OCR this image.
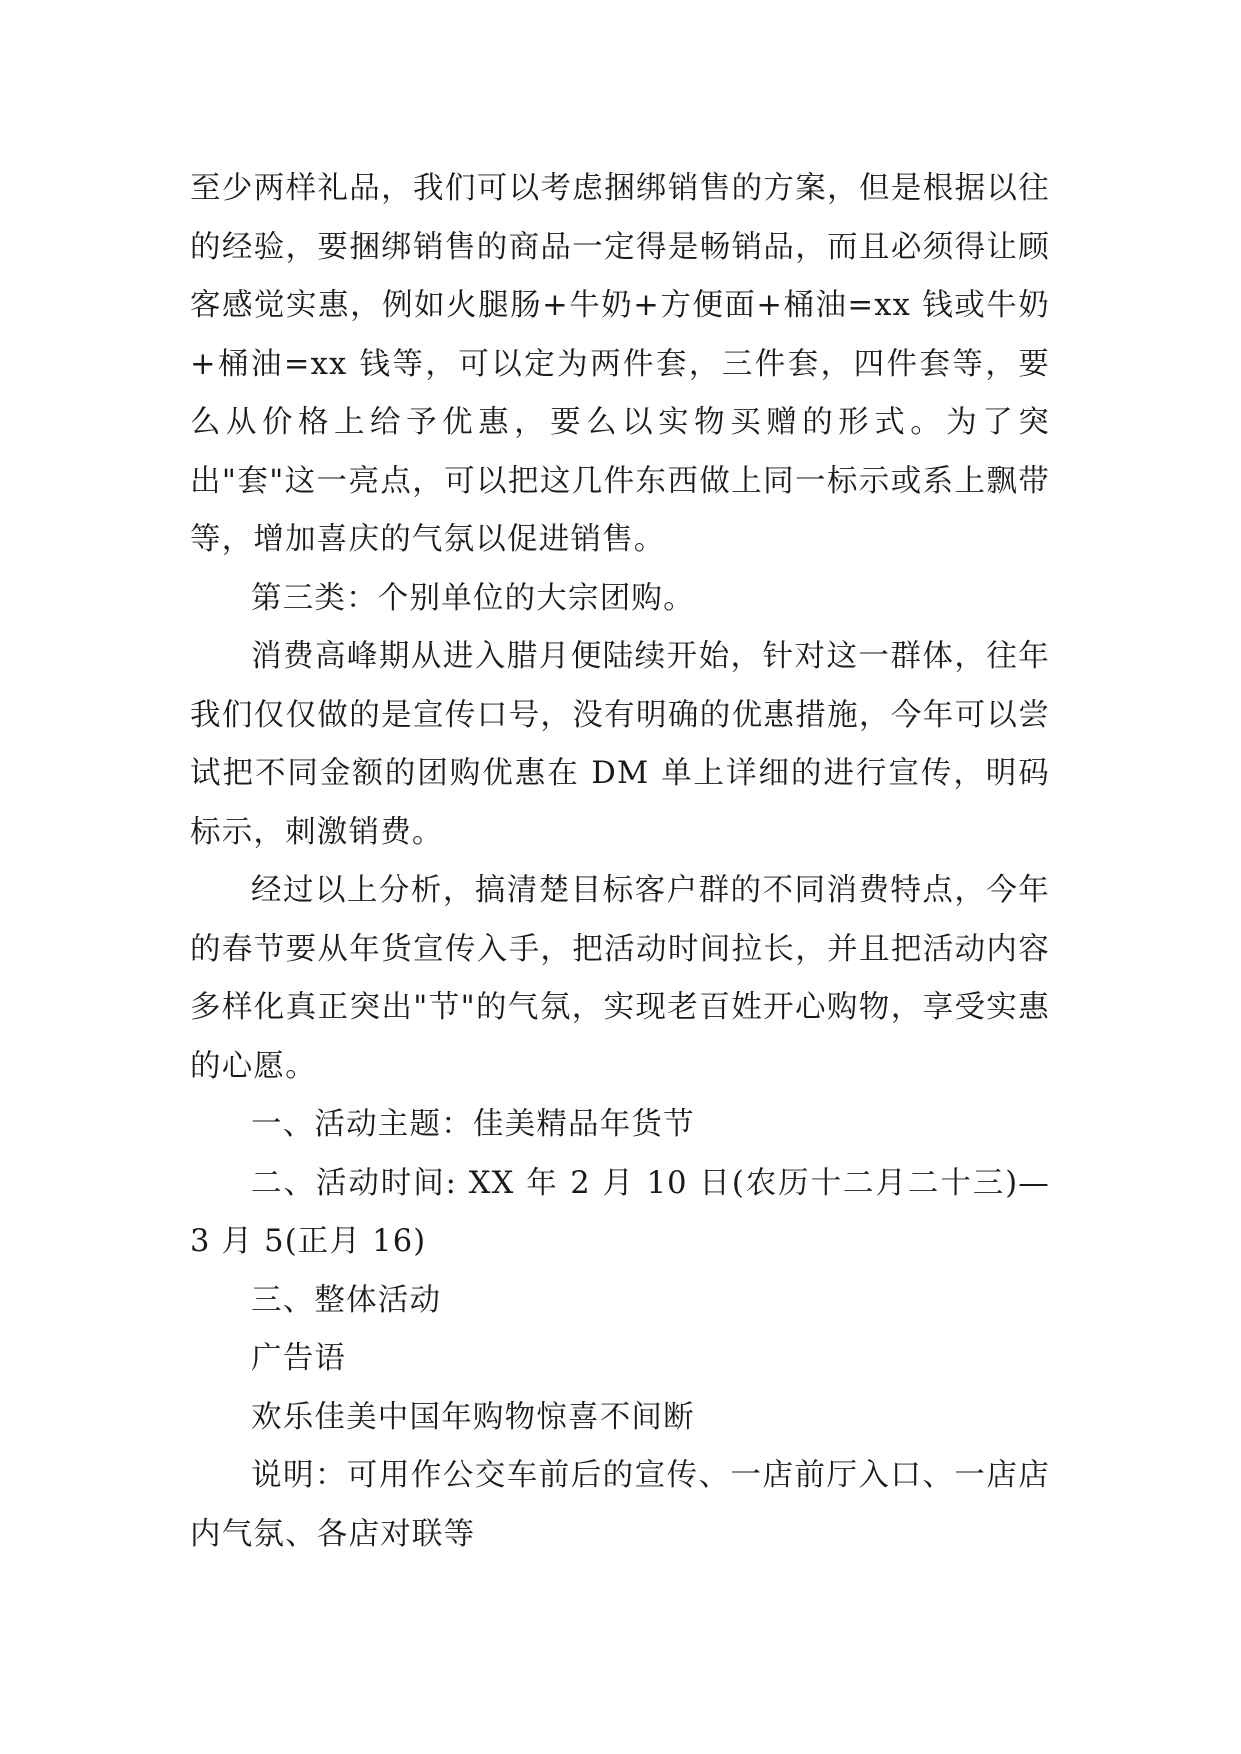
至少两样礼品，我们可以考虑捆绑销售的方案，但是根据以往的经验，要捆绑销售的商品一定得是畅销品，而且必须得让顾客感觉实惠，例如火腿肠+牛奶+方便面+桶油=xx 钱或牛奶+桶油=xx 钱等，可以定为两件套，三件套，四件套等，要么从价格上给予优惠，要么以实物买赠的形式。为了突出"套"这一亮点，可以把这几件东西做上同一标示或系上飘带等，增加喜庆的气氛以促进销售。

第三类：个别单位的大宗团购。

消费高峰期从进入腊月便陆续开始，针对这一群体，往年我们仅仅做的是宣传口号，没有明确的优惠措施，今年可以尝试把不同金额的团购优惠在 DM 单上详细的进行宣传，明码标示，刺激销费。

经过以上分析，搞清楚目标客户群的不同消费特点，今年的春节要从年货宣传入手，把活动时间拉长，并且把活动内容多样化真正突出"节"的气氛，实现老百姓开心购物，享受实惠的心愿。

一、活动主题：佳美精品年货节

二、活动时间: XX 年 2 月 10 日(农历十二月二十三)—3 月 5(正月 16)

三、整体活动

广告语

欢乐佳美中国年购物惊喜不间断

说明：可用作公交车前后的宣传、一店前厅入口、一店店内气氛、各店对联等
